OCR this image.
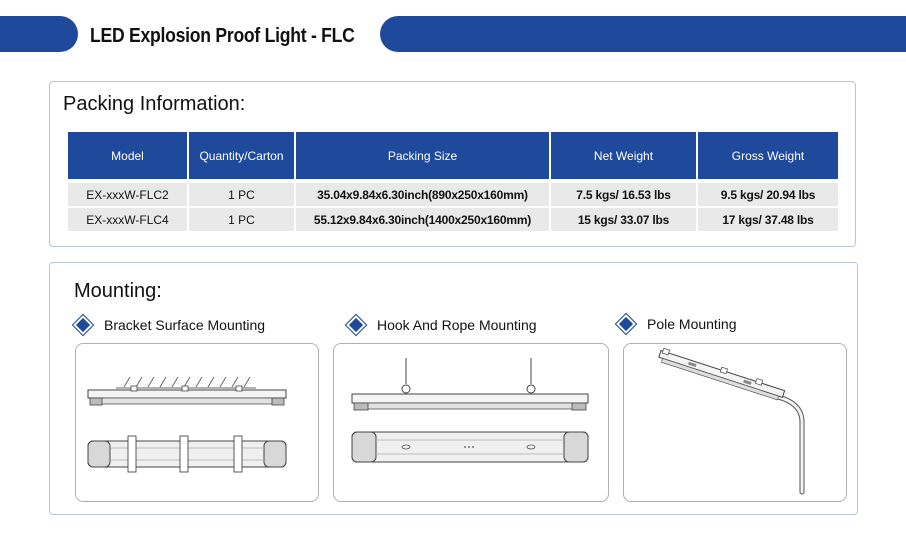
LED Explosion Proof Light - FLC
Packing Information:
Model	Quantity/Carton	Packing Size	Net Weight	Gross Weight
EX-xxxW-FLC2	1 PC	35.04x9.84x6.30inch(890x250x160mm)	7.5 kgs/ 16.53 lbs	9.5 kgs/ 20.94 lbs
EX-xxxW-FLC4	1 PC	55.12x9.84x6.30inch(1400x250x160mm)	15 kgs/ 33.07 lbs	17 kgs/ 37.48 lbs
Mounting:
Bracket Surface Mounting	Hook And Rope Mounting	Pole Mounting
